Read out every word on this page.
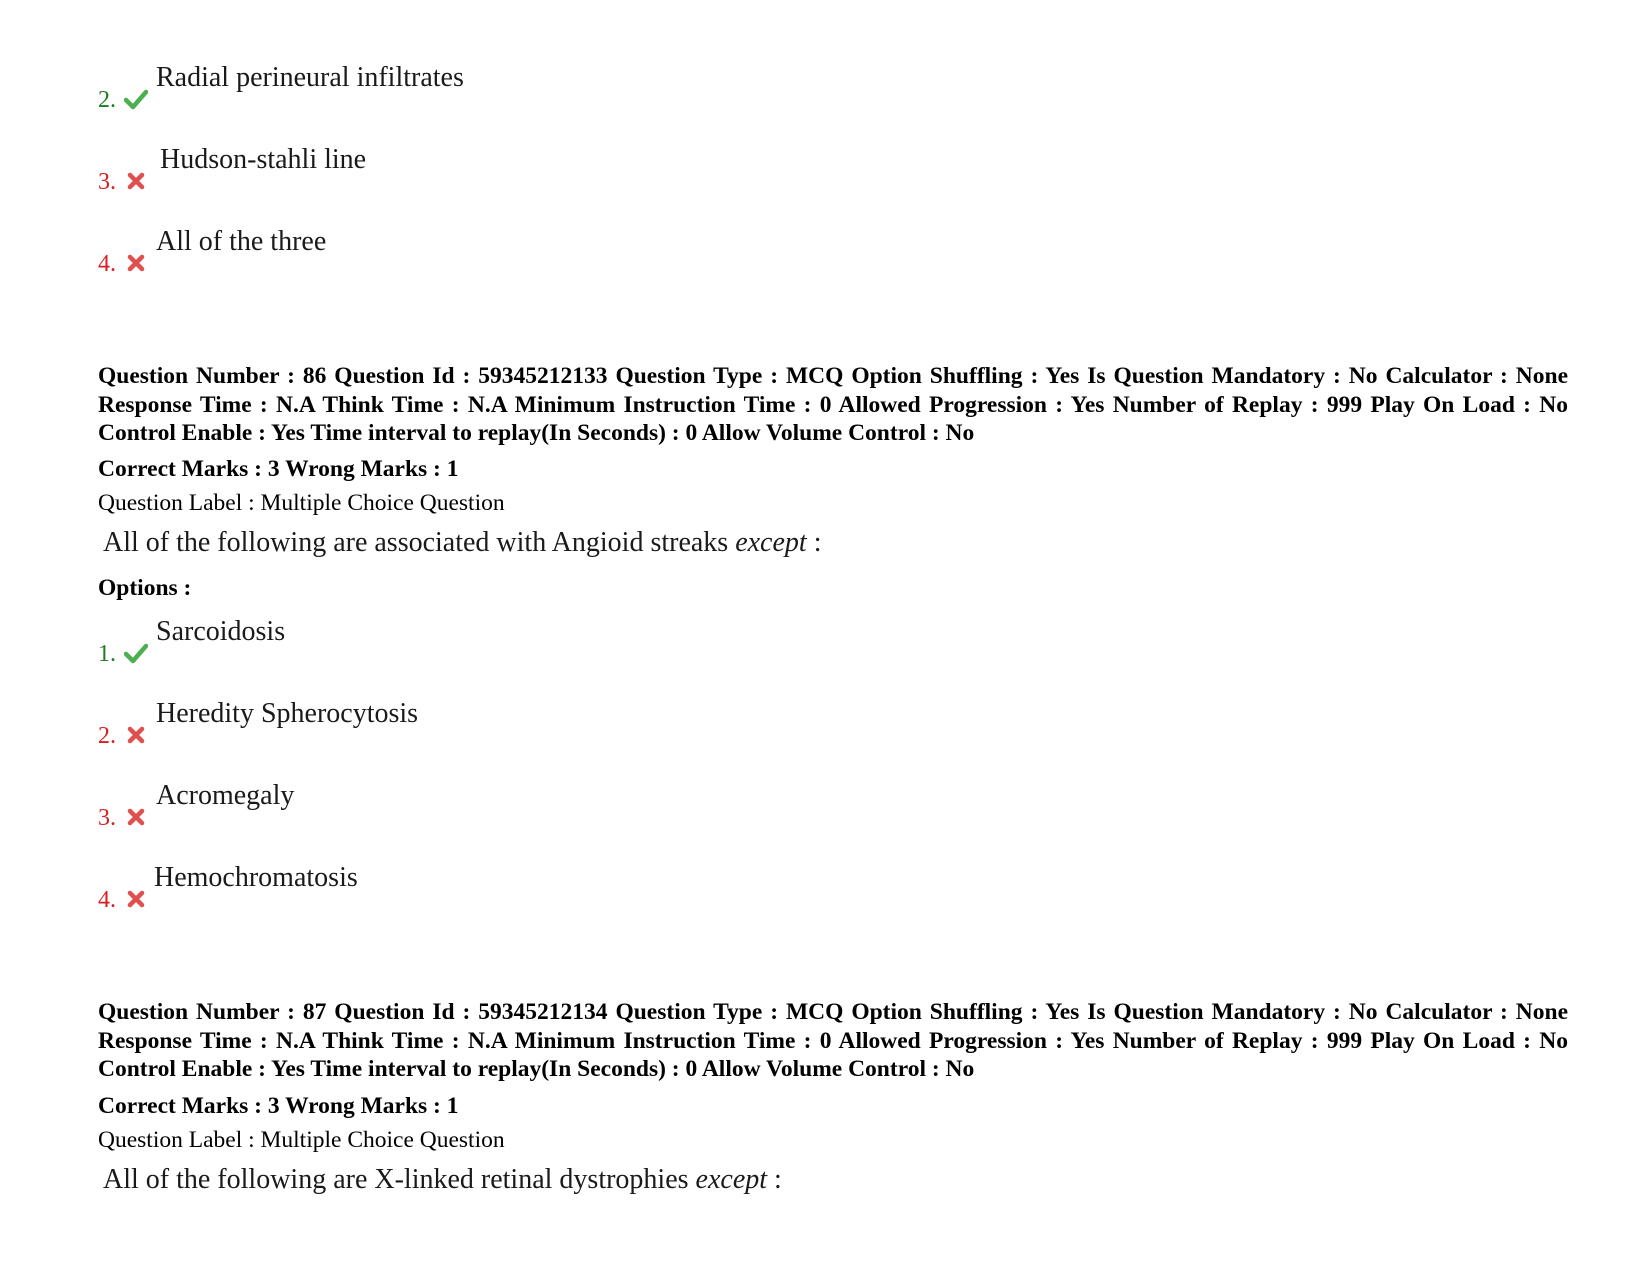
2.
Radial perineural infiltrates
3.
Hudson-stahli line
4.
All of the three
Question Number : 86 Question Id : 59345212133 Question Type : MCQ Option Shuffling : Yes Is Question Mandatory : No Calculator : None Response Time : N.A Think Time : N.A Minimum Instruction Time : 0 Allowed Progression : Yes Number of Replay : 999 Play On Load : No Control Enable : Yes Time interval to replay(In Seconds) : 0 Allow Volume Control : No
Correct Marks : 3 Wrong Marks : 1
Question Label : Multiple Choice Question
All of the following are associated with Angioid streaks except :
Options :
1.
Sarcoidosis
2.
Heredity Spherocytosis
3.
Acromegaly
4.
Hemochromatosis
Question Number : 87 Question Id : 59345212134 Question Type : MCQ Option Shuffling : Yes Is Question Mandatory : No Calculator : None Response Time : N.A Think Time : N.A Minimum Instruction Time : 0 Allowed Progression : Yes Number of Replay : 999 Play On Load : No Control Enable : Yes Time interval to replay(In Seconds) : 0 Allow Volume Control : No
Correct Marks : 3 Wrong Marks : 1
Question Label : Multiple Choice Question
All of the following are X-linked retinal dystrophies except :
